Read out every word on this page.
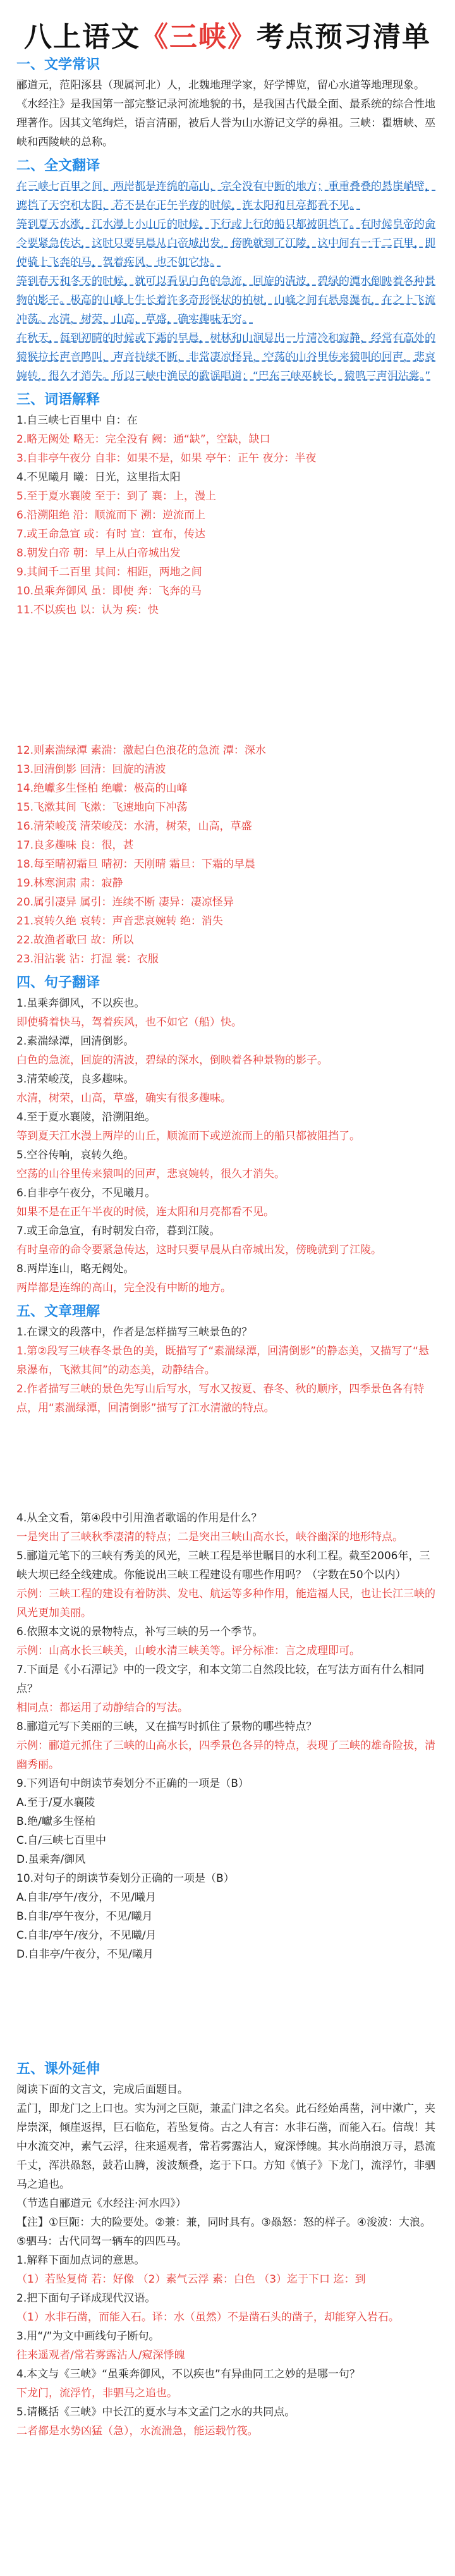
八上语文《三峡》考点预习清单
一、文学常识

郦道元，范阳涿县（现属河北）人，北魏地理学家，好学博览，留心水道等地理现象。

《水经注》是我国第一部完整记录河流地貌的书，是我国古代最全面、最系统的综合性地理著作。因其文笔绚烂，语言清丽，被后人誉为山水游记文学的鼻祖。三峡：瞿塘峡、巫峡和西陵峡的总称。

二、全文翻译

在三峡七百里之间，两岸都是连绵的高山，完全没有中断的地方；重重叠叠的悬崖峭壁，遮挡了天空和太阳，若不是在正午半夜的时候，连太阳和月亮都看不见。

等到夏天水涨，江水漫上小山丘的时候，下行或上行的船只都被阻挡了。有时候皇帝的命令要紧急传达，这时只要早晨从白帝城出发，傍晚就到了江陵，这中间有一千二百里，即使骑上飞奔的马，驾着疾风，也不如它快。

等到春天和冬天的时候，就可以看见白色的急流，回旋的清波，碧绿的潭水倒映着各种景物的影子。极高的山峰上生长着许多奇形怪状的柏树，山峰之间有悬泉瀑布，在之上飞流冲荡。水清，树荣，山高，草盛，确实趣味无穷。

在秋天，每到初晴的时候或下霜的早晨，树林和山涧显出一片清冷和寂静，经常有高处的猿猴拉长声音鸣叫，声音持续不断，非常凄凉怪异，空荡的山谷里传来猿叫的回声，悲哀婉转，很久才消失。所以三峡中渔民的歌谣唱道：“巴东三峡巫峡长，猿鸣三声泪沾裳。”

三、词语解释
1.自三峡七百里中 自：在
2.略无阙处 略无：完全没有 阙：通“缺”，空缺，缺口
3.自非亭午夜分 自非：如果不是，如果 亭午：正午 夜分：半夜
4.不见曦月 曦：日光，这里指太阳
5.至于夏水襄陵 至于：到了 襄：上，漫上
6.沿溯阻绝 沿：顺流而下 溯：逆流而上
7.或王命急宣 或：有时 宣：宣布，传达
8.朝发白帝 朝：早上从白帝城出发
9.其间千二百里 其间：相距，两地之间
10.虽乘奔御风 虽：即使 奔：飞奔的马
11.不以疾也 以：认为 疾：快
12.则素湍绿潭 素湍：激起白色浪花的急流 潭：深水
13.回清倒影 回清：回旋的清波
14.绝巘多生怪柏 绝巘：极高的山峰
15.飞漱其间 飞漱：飞速地向下冲荡
16.清荣峻茂 清荣峻茂：水清，树荣，山高，草盛
17.良多趣味 良：很，甚
18.每至晴初霜旦 晴初：天刚晴 霜旦：下霜的早晨
19.林寒涧肃 肃：寂静
20.属引凄异 属引：连续不断 凄异：凄凉怪异
21.哀转久绝 哀转：声音悲哀婉转 绝：消失
22.故渔者歌曰 故：所以
23.泪沾裳 沾：打湿 裳：衣服
四、句子翻译
1.虽乘奔御风，不以疾也。
即使骑着快马，驾着疾风，也不如它（船）快。
2.素湍绿潭，回清倒影。
白色的急流，回旋的清波，碧绿的深水，倒映着各种景物的影子。
3.清荣峻茂，良多趣味。
水清，树荣，山高，草盛，确实有很多趣味。
4.至于夏水襄陵，沿溯阻绝。
等到夏天江水漫上两岸的山丘，顺流而下或逆流而上的船只都被阻挡了。
5.空谷传响，哀转久绝。
空荡的山谷里传来猿叫的回声，悲哀婉转，很久才消失。
6.自非亭午夜分，不见曦月。
如果不是在正午半夜的时候，连太阳和月亮都看不见。
7.或王命急宣，有时朝发白帝，暮到江陵。
有时皇帝的命令要紧急传达，这时只要早晨从白帝城出发，傍晚就到了江陵。
8.两岸连山，略无阙处。
两岸都是连绵的高山，完全没有中断的地方。
五、文章理解
1.在课文的段落中，作者是怎样描写三峡景色的？
1.第②段写三峡春冬景色的美，既描写了“素湍绿潭，回清倒影”的静态美，又描写了“悬泉瀑布，飞漱其间”的动态美，动静结合。
2.作者描写三峡的景色先写山后写水，写水又按夏、春冬、秋的顺序，四季景色各有特点，用“素湍绿潭，回清倒影”描写了江水清澈的特点。
4.从全文看，第④段中引用渔者歌谣的作用是什么？
一是突出了三峡秋季凄清的特点；二是突出三峡山高水长，峡谷幽深的地形特点。
5.郦道元笔下的三峡有秀美的风光，三峡工程是举世瞩目的水利工程。截至2006年，三峡大坝已经全线建成。你能说出三峡工程建设有哪些作用吗？（字数在50个以内）
示例：三峡工程的建设有着防洪、发电、航运等多种作用，能造福人民，也让长江三峡的风光更加美丽。
6.依照本文说的景物特点，补写三峡的另一个季节。
示例：山高水长三峡美，山峻水清三峡美等。评分标准：言之成理即可。
7.下面是《小石潭记》中的一段文字，和本文第二自然段比较，在写法方面有什么相同点？
相同点：都运用了动静结合的写法。
8.郦道元写下美丽的三峡，又在描写时抓住了景物的哪些特点？
示例：郦道元抓住了三峡的山高水长，四季景色各异的特点，表现了三峡的雄奇险拔，清幽秀丽。
9.下列语句中朗读节奏划分不正确的一项是（B）
A.至于/夏水襄陵
B.绝/巘多生怪柏
C.自/三峡七百里中
D.虽乘奔/御风
10.对句子的朗读节奏划分正确的一项是（B）
A.自非/亭午/夜分，不见/曦月
B.自非/亭午夜分，不见/曦月
C.自非/亭午/夜分，不见曦/月
D.自非亭/午夜分，不见/曦月
五、课外延伸
阅读下面的文言文，完成后面题目。
孟门，即龙门之上口也。实为河之巨阨，兼孟门津之名矣。此石经始禹凿，河中漱广，夹岸崇深，倾崖返捍，巨石临危，若坠复倚。古之人有言：水非石凿，而能入石。信哉！其中水流交冲，素气云浮，往来遥观者，常若雾露沾人，窥深悸魄。其水尚崩浪万寻，悬流千丈，浑洪赑怒，鼓若山腾，浚波颓叠，迄于下口。方知《慎子》下龙门，流浮竹，非驷马之追也。
（节选自郦道元《水经注·河水四》）
【注】①巨阨：大的险要处。②兼：兼，同时具有。③赑怒：怒的样子。④浚波：大浪。⑤驷马：古代同驾一辆车的四匹马。
1.解释下面加点词的意思。
（1）若坠复倚 若：好像 （2）素气云浮 素：白色 （3）迄于下口 迄：到
2.把下面句子译成现代汉语。
（1）水非石凿，而能入石。译：水（虽然）不是凿石头的凿子，却能穿入岩石。
3.用“/”为文中画线句子断句。
往来遥观者/常若雾露沾人/窥深悸魄
4.本文与《三峡》“虽乘奔御风，不以疾也”有异曲同工之妙的是哪一句？
下龙门，流浮竹，非驷马之追也。
5.请概括《三峡》中长江的夏水与本文孟门之水的共同点。
二者都是水势凶猛（急），水流湍急，能运载竹筏。
